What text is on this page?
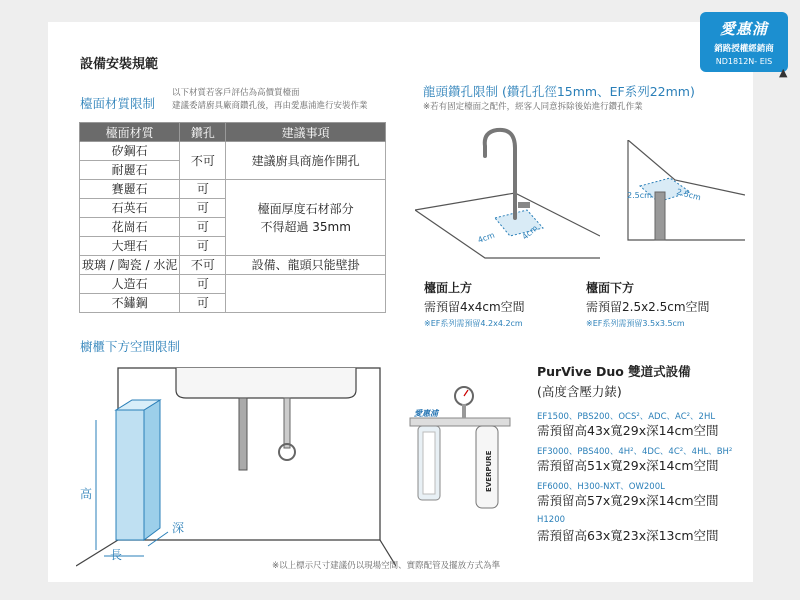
愛惠浦
銷路授權經銷商
ND1812N- EIS
▲
設備安裝規範
檯面材質限制
以下材質若客戶評估為高價質檯面
建議委請廚具廠商鑽孔後，再由愛惠浦進行安裝作業
檯面材質	鑽孔	建議事項
矽鋼石	不可	建議廚具商施作開孔
耐麗石		
賽麗石	可	檯面厚度石材部分
不得超過 35mm

石英石	可	
花崗石	可	
大理石	可	
玻璃 / 陶瓷 / 水泥	不可	設備、龍頭只能壁掛
人造石	可	
不鏽鋼	可	
龍頭鑽孔限制 (鑽孔孔徑15mm、EF系列22mm)
※若有固定檯面之配件，經客人同意拆除後始進行鑽孔作業
4cm	4cm
2.5cm	2.5cm
檯面上方
需預留4x4cm空間
※EF系列需預留4.2x4.2cm
檯面下方
需預留2.5x2.5cm空間
※EF系列需預留3.5x3.5cm
櫥櫃下方空間限制
高
深
長
PurVive Duo 雙道式設備
(高度含壓力錶)
愛惠浦
EVERPURE
EF1500、PBS200、OCS²、ADC、AC²、2HL
需預留高43x寬29x深14cm空間
EF3000、PBS400、4H²、4DC、4C²、4HL、BH²
需預留高51x寬29x深14cm空間
EF6000、H300-NXT、OW200L
需預留高57x寬29x深14cm空間
H1200
需預留高63x寬23x深13cm空間
※以上標示尺寸建議仍以現場空間、實際配管及擺放方式為準
